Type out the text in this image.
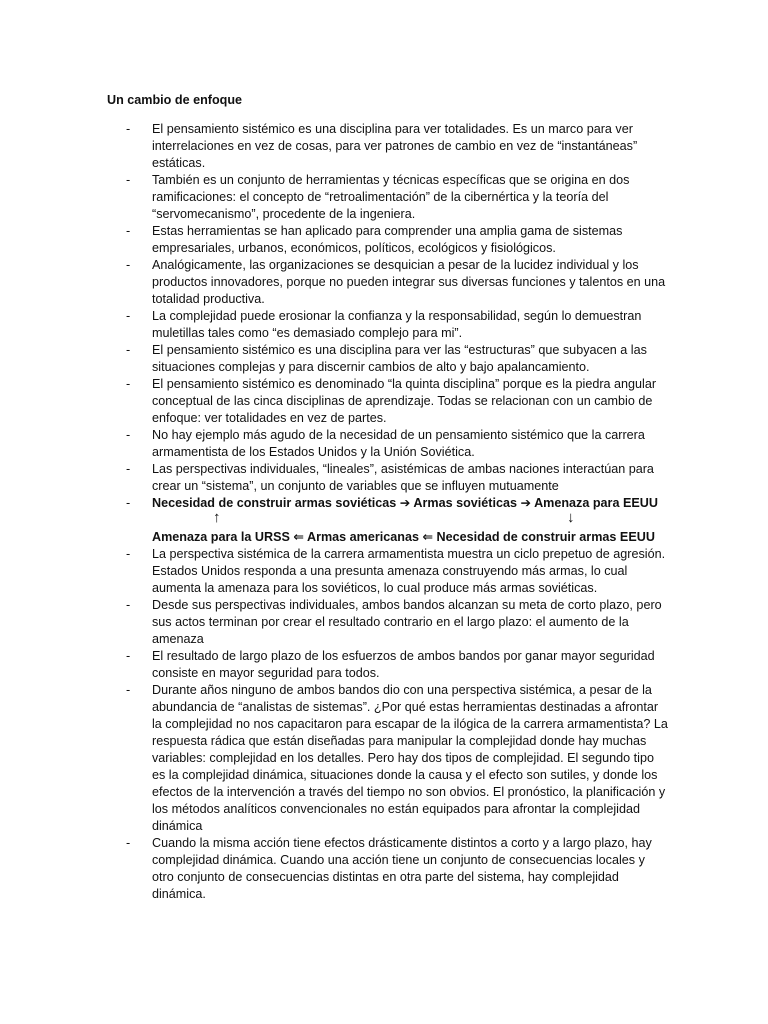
Un cambio de enfoque
- El pensamiento sistémico es una disciplina para ver totalidades. Es un marco para ver interrelaciones en vez de cosas, para ver patrones de cambio en vez de “instantáneas” estáticas.
- También es un conjunto de herramientas y técnicas específicas que se origina en dos ramificaciones: el concepto de “retroalimentación” de la cibernértica y la teoría del “servomecanismo”, procedente de la ingeniera.
- Estas herramientas se han aplicado para comprender una amplia gama de sistemas empresariales, urbanos, económicos, políticos, ecológicos y fisiológicos.
- Analógicamente, las organizaciones se desquician a pesar de la lucidez individual y los productos innovadores, porque no pueden integrar sus diversas funciones y talentos en una totalidad productiva.
- La complejidad puede erosionar la confianza y la responsabilidad, según lo demuestran muletillas tales como “es demasiado complejo para mi”.
- El pensamiento sistémico es una disciplina para ver las “estructuras” que subyacen a las situaciones complejas y para discernir cambios de alto y bajo apalancamiento.
- El pensamiento sistémico es denominado “la quinta disciplina” porque es la piedra angular conceptual de las cinca disciplinas de aprendizaje. Todas se relacionan con un cambio de enfoque: ver totalidades en vez de partes.
- No hay ejemplo más agudo de la necesidad de un pensamiento sistémico que la carrera armamentista de los Estados Unidos y la Unión Soviética.
- Las perspectivas individuales, “lineales”, asistémicas de ambas naciones interactúan para crear un “sistema”, un conjunto de variables que se influyen mutuamente
- Necesidad de construir armas soviéticas ➔ Armas soviéticas ➔ Amenaza para EEUU
↑	↓
Amenaza para la URSS ⇐ Armas americanas ⇐ Necesidad de construir armas EEUU
- La perspectiva sistémica de la carrera armamentista muestra un ciclo prepetuo de agresión. Estados Unidos responda a una presunta amenaza construyendo más armas, lo cual aumenta la amenaza para los soviéticos, lo cual produce más armas soviéticas.
- Desde sus perspectivas individuales, ambos bandos alcanzan su meta de corto plazo, pero sus actos terminan por crear el resultado contrario en el largo plazo: el aumento de la amenaza
- El resultado de largo plazo de los esfuerzos de ambos bandos por ganar mayor seguridad consiste en mayor seguridad para todos.
- Durante años ninguno de ambos bandos dio con una perspectiva sistémica, a pesar de la abundancia de “analistas de sistemas”. ¿Por qué estas herramientas destinadas a afrontar la complejidad no nos capacitaron para escapar de la ilógica de la carrera armamentista? La respuesta rádica que están diseñadas para manipular la complejidad donde hay muchas variables: complejidad en los detalles. Pero hay dos tipos de complejidad. El segundo tipo es la complejidad dinámica, situaciones donde la causa y el efecto son sutiles, y donde los efectos de la intervención a través del tiempo no son obvios. El pronóstico, la planificación y los métodos analíticos convencionales no están equipados para afrontar la complejidad dinámica
- Cuando la misma acción tiene efectos drásticamente distintos a corto y a largo plazo, hay complejidad dinámica. Cuando una acción tiene un conjunto de consecuencias locales y otro conjunto de consecuencias distintas en otra parte del sistema, hay complejidad dinámica.
